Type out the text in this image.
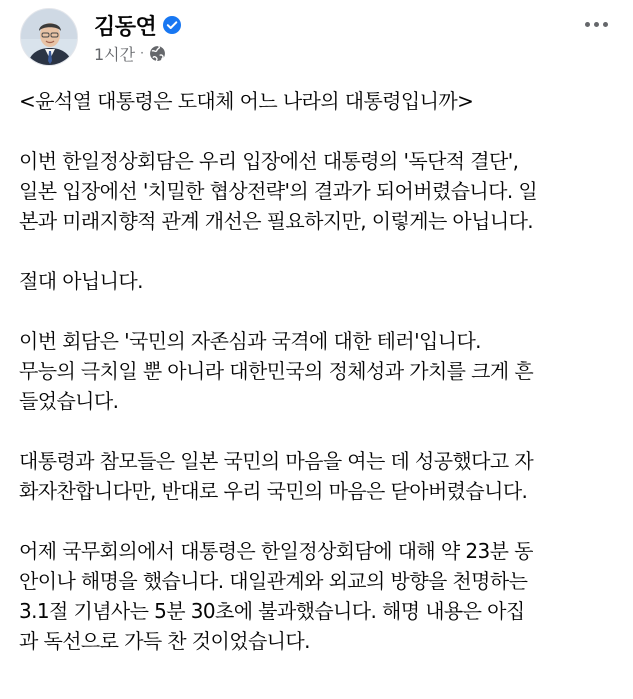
김동연
1시간 ·
<윤석열 대통령은 도대체 어느 나라의 대통령입니까>
이번 한일정상회담은 우리 입장에선 대통령의 '독단적 결단',
일본 입장에선 '치밀한 협상전략'의 결과가 되어버렸습니다. 일
본과 미래지향적 관계 개선은 필요하지만, 이렇게는 아닙니다.
절대 아닙니다.
이번 회담은 '국민의 자존심과 국격에 대한 테러'입니다.
무능의 극치일 뿐 아니라 대한민국의 정체성과 가치를 크게 흔
들었습니다.
대통령과 참모들은 일본 국민의 마음을 여는 데 성공했다고 자
화자찬합니다만, 반대로 우리 국민의 마음은 닫아버렸습니다.
어제 국무회의에서 대통령은 한일정상회담에 대해 약 23분 동
안이나 해명을 했습니다. 대일관계와 외교의 방향을 천명하는
3.1절 기념사는 5분 30초에 불과했습니다. 해명 내용은 아집
과 독선으로 가득 찬 것이었습니다.
